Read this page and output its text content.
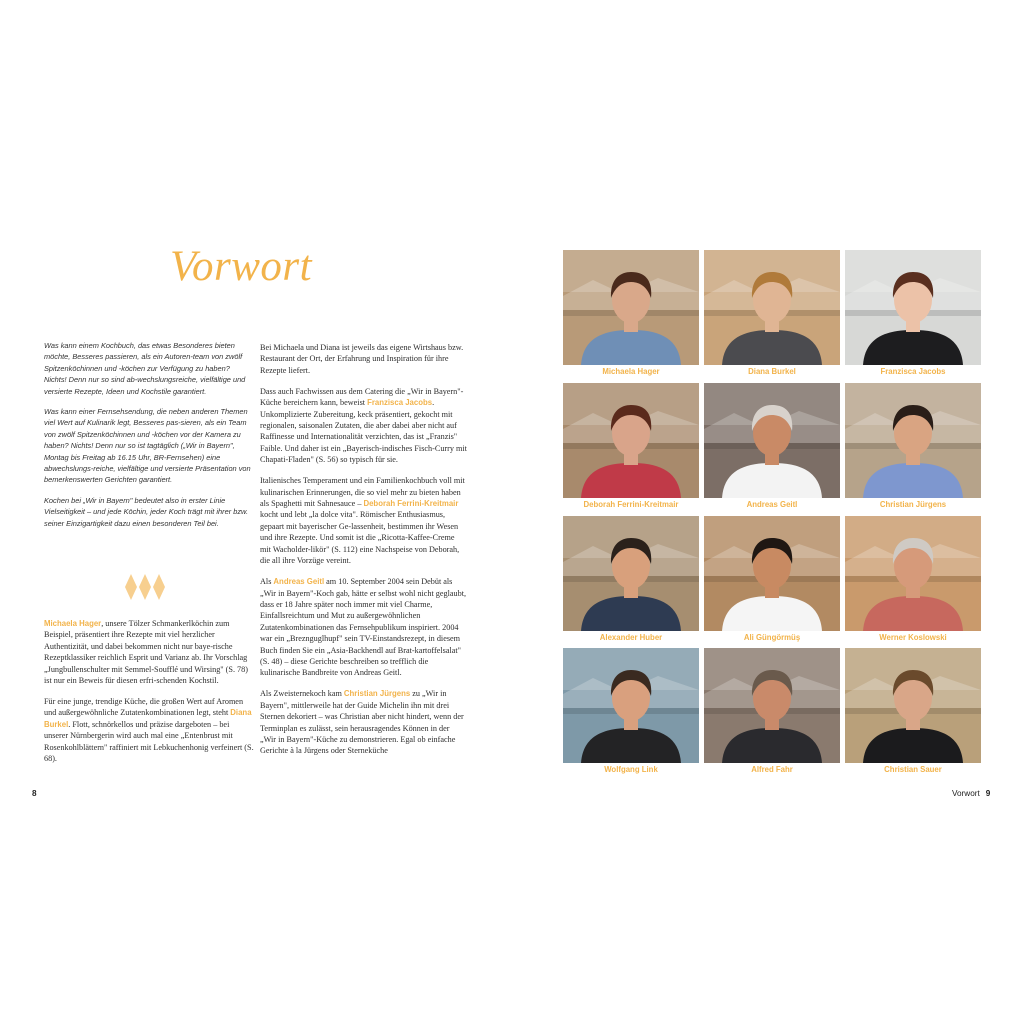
Vorwort

Was kann einem Kochbuch, das etwas Besonderes bieten möchte, Besseres passieren, als ein Autoren-team von zwölf Spitzenköchinnen und -köchen zur Verfügung zu haben? Nichts! Denn nur so sind ab-wechslungsreiche, vielfältige und versierte Rezepte, Ideen und Kochstile garantiert.

Was kann einer Fernsehsendung, die neben anderen Themen viel Wert auf Kulinarik legt, Besseres pas-sieren, als ein Team von zwölf Spitzenköchinnen und -köchen vor der Kamera zu haben? Nichts! Denn nur so ist tagtäglich („Wir in Bayern", Montag bis Freitag ab 16.15 Uhr, BR-Fernsehen) eine abwechslungs-reiche, vielfältige und versierte Präsentation von bemerkenswerten Gerichten garantiert.

Kochen bei „Wir in Bayern" bedeutet also in erster Linie Vielseitigkeit – und jede Köchin, jeder Koch trägt mit ihrer bzw. seiner Einzigartigkeit dazu einen besonderen Teil bei.

Michaela Hager, unsere Tölzer Schmankerlköchin zum Beispiel, präsentiert ihre Rezepte mit viel herzlicher Authentizität, und dabei bekommen nicht nur baye-rische Rezeptklassiker reichlich Esprit und Varianz ab. Ihr Vorschlag „Jungbullenschulter mit Semmel-Soufflé und Wirsing" (S. 78) ist nur ein Beweis für diesen erfri-schenden Kochstil.

Für eine junge, trendige Küche, die großen Wert auf Aromen und außergewöhnliche Zutatenkombinationen legt, steht Diana Burkel. Flott, schnörkellos und präzise dargeboten – bei unserer Nürnbergerin wird auch mal eine „Entenbrust mit Rosenkohlblättern" raffiniert mit Lebkuchenhonig verfeinert (S. 68).

Bei Michaela und Diana ist jeweils das eigene Wirtshaus bzw. Restaurant der Ort, der Erfahrung und Inspiration für ihre Rezepte liefert.

Dass auch Fachwissen aus dem Catering die „Wir in Bayern"-Küche bereichern kann, beweist Franzisca Jacobs. Unkomplizierte Zubereitung, keck präsentiert, gekocht mit regionalen, saisonalen Zutaten, die aber dabei aber nicht auf Raffinesse und Internationalität verzichten, das ist „Franzis" Faible. Und daher ist ein „Bayerisch-indisches Fisch-Curry mit Chapati-Fladen" (S. 56) so typisch für sie.

Italienisches Temperament und ein Familienkochbuch voll mit kulinarischen Erinnerungen, die so viel mehr zu bieten haben als Spaghetti mit Sahnesauce – Deborah Ferrini-Kreitmair kocht und lebt „la dolce vita". Römischer Enthusiasmus, gepaart mit bayerischer Ge-lassenheit, bestimmen ihr Wesen und ihre Rezepte. Und somit ist die „Ricotta-Kaffee-Creme mit Wacholder-likör" (S. 112) eine Nachspeise von Deborah, die all ihre Vorzüge vereint.

Als Andreas Geitl am 10. September 2004 sein Debüt als „Wir in Bayern"-Koch gab, hätte er selbst wohl nicht geglaubt, dass er 18 Jahre später noch immer mit viel Charme, Einfallsreichtum und Mut zu außergewöhnlichen Zutatenkombinationen das Fernsehpublikum inspiriert. 2004 war ein „Breznguglhupf" sein TV-Einstandsrezept, in diesem Buch finden Sie ein „Asia-Backhendl auf Brat-kartoffelsalat" (S. 48) – diese Gerichte beschreiben so trefflich die kulinarische Bandbreite von Andreas Geitl.

Als Zweisternekoch kam Christian Jürgens zu „Wir in Bayern", mittlerweile hat der Guide Michelin ihn mit drei Sternen dekoriert – was Christian aber nicht hindert, wenn der Terminplan es zulässt, sein herausragendes Können in der „Wir in Bayern"-Küche zu demonstrieren. Egal ob einfache Gerichte à la Jürgens oder Sterneküche

Michaela Hager	Diana Burkel	Franzisca Jacobs
Deborah Ferrini-Kreitmair	Andreas Geitl	Christian Jürgens
Alexander Huber	Ali Güngörmüş	Werner Koslowski
Wolfgang Link	Alfred Fahr	Christian Sauer
8	Vorwort 9
